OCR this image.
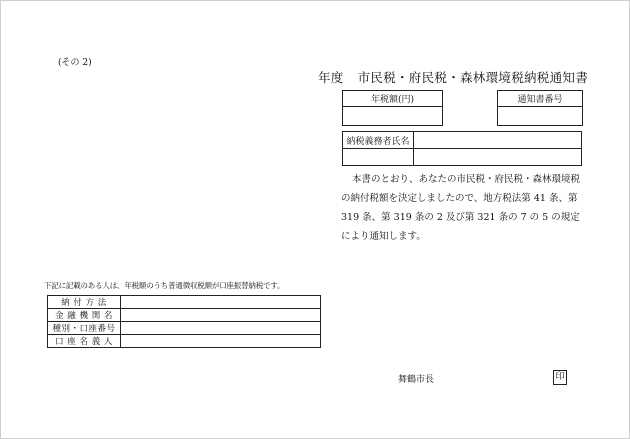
(その 2)
年度 市民税・府民税・森林環境税納税通知書
年税額(円)	通知書番号

納税義務者氏名	

本書のとおり、あなたの市民税・府民税・森林環境税の納付税額を決定しましたので、地方税法第 41 条、第 319 条、第 319 条の 2 及び第 321 条の 7 の 5 の規定により通知します。

下記に記載のある人は、年税額のうち普通徴収税額が口座振替納税です。
納 付 方 法	
金 融 機 関 名	
種別・口座番号	
口 座 名 義 人	
舞鶴市長	印
